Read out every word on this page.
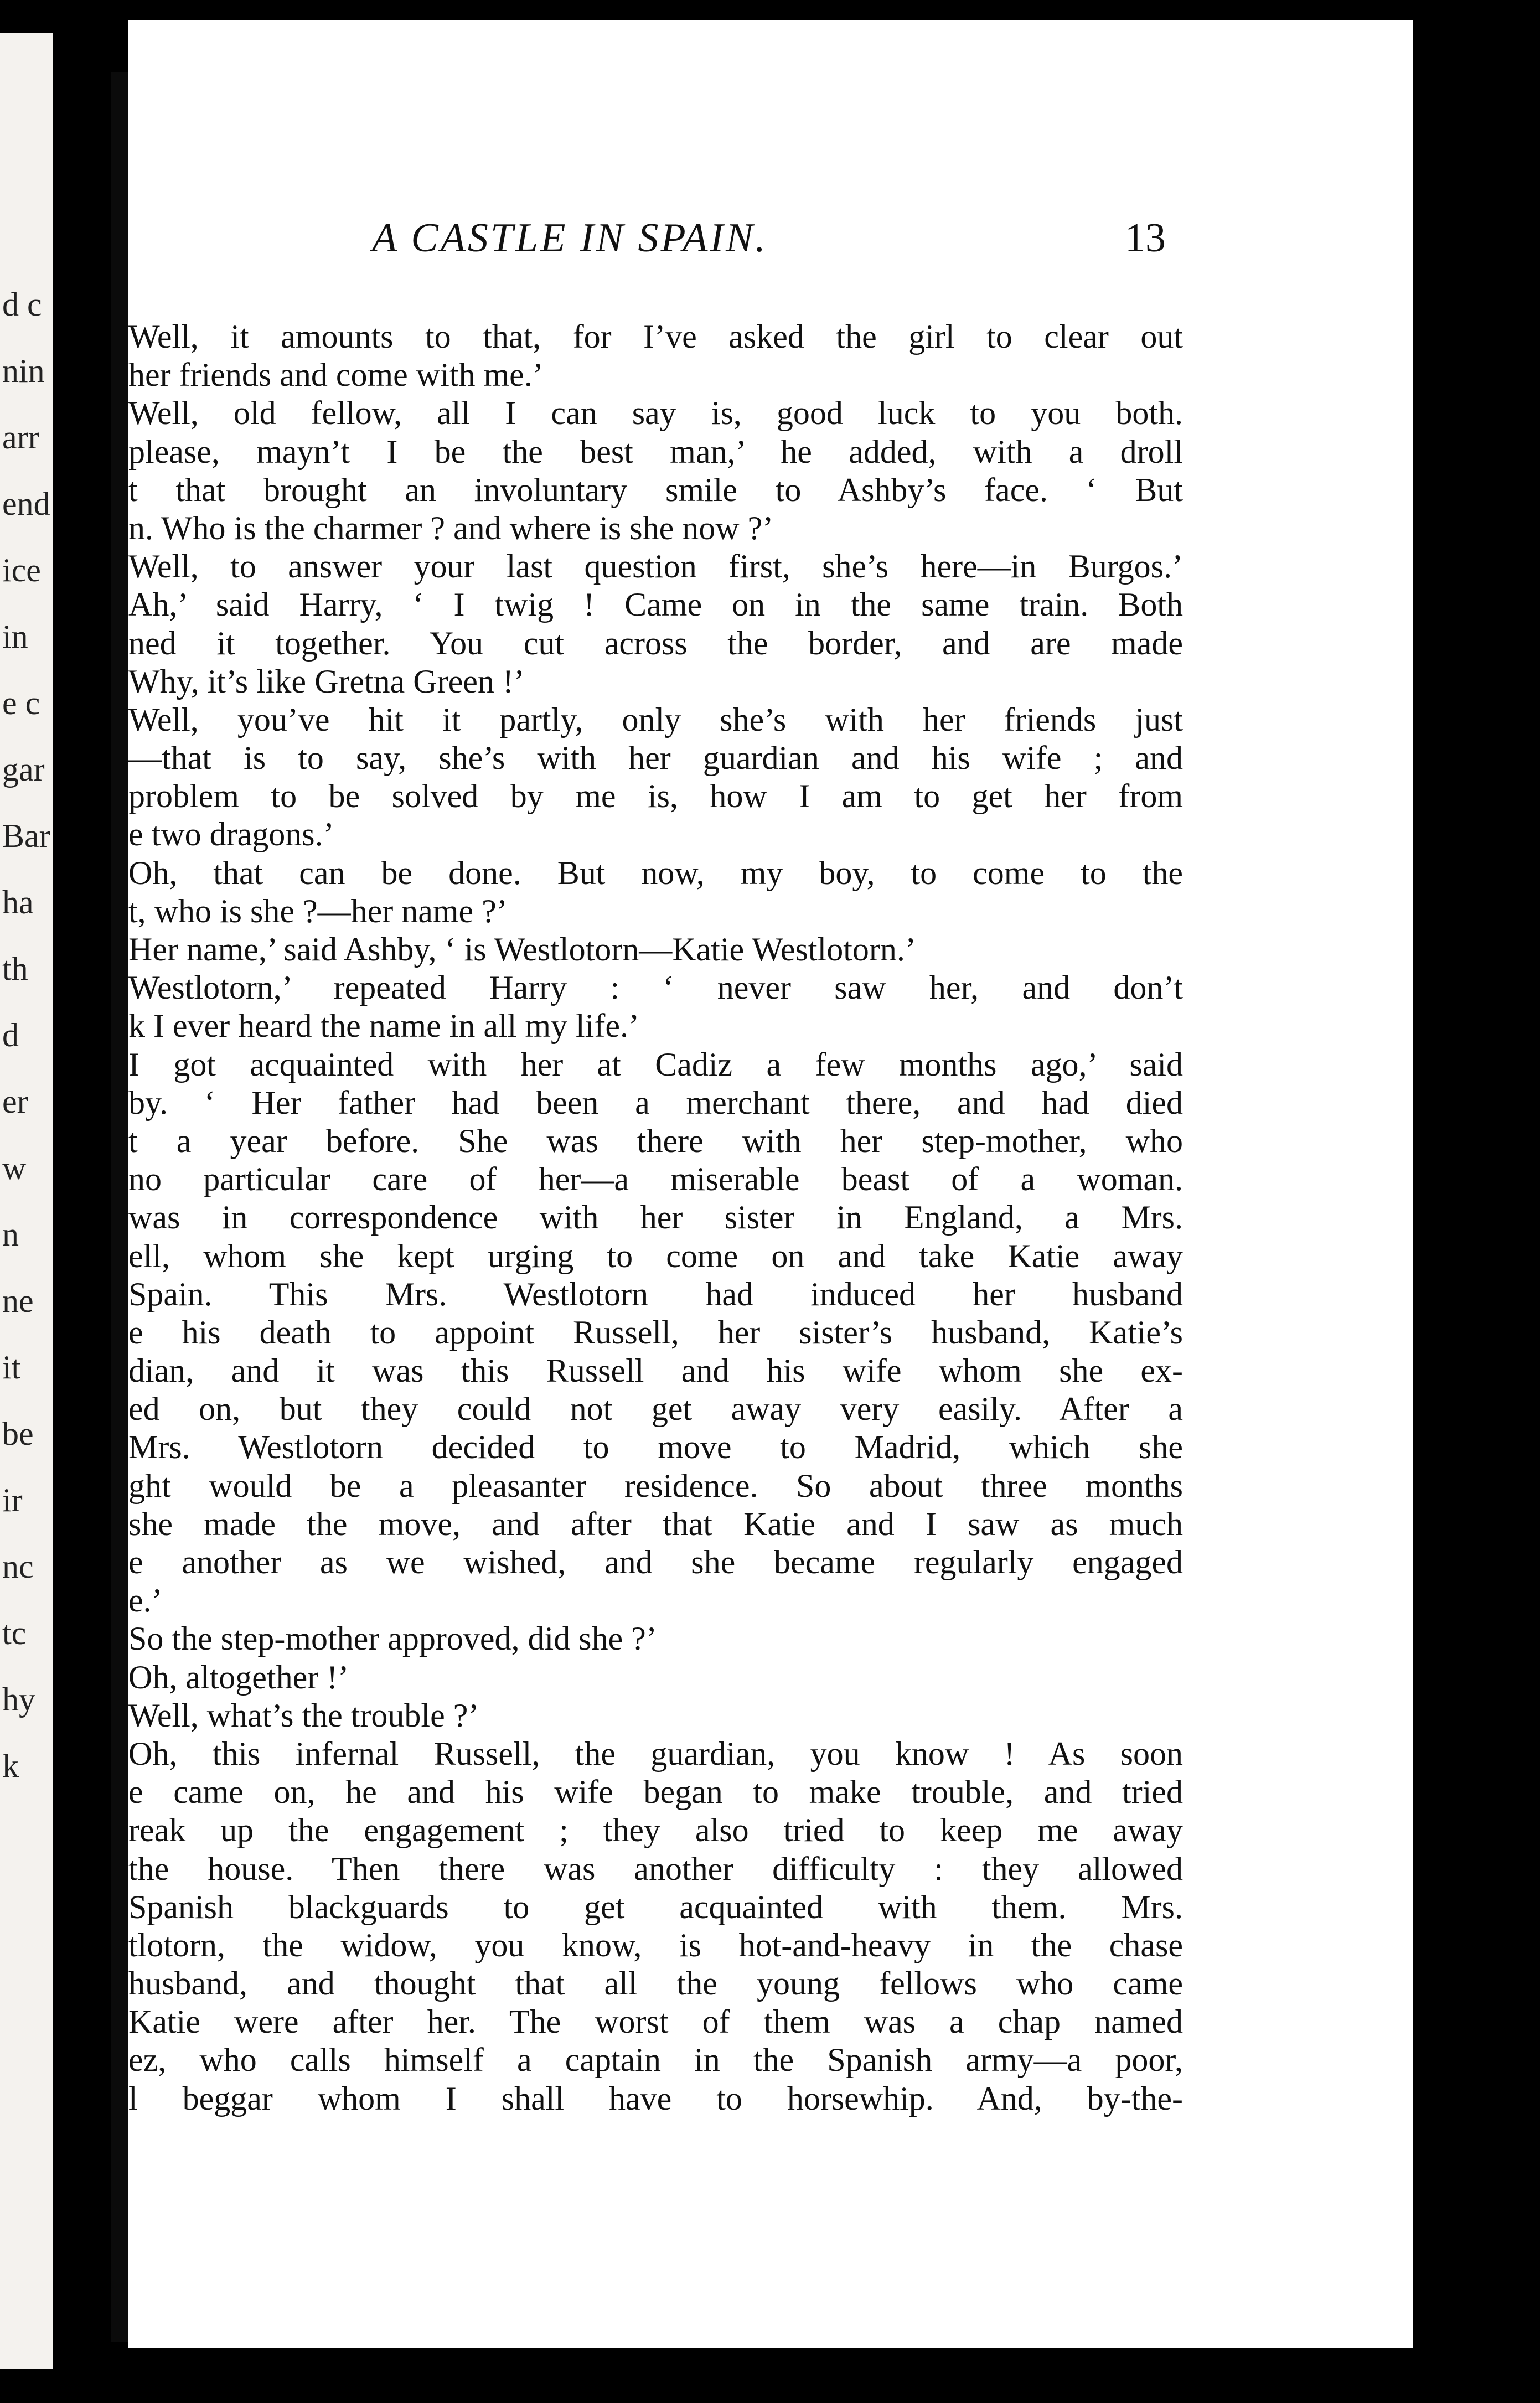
d c
nin
arr
end
ice
in
e c
gar
Bar
ha
th
d
er
w
n
ne
it
be
ir
nc
tc
hy
k
A CASTLE IN SPAIN.	13
Well, it amounts to that, for I’ve asked the girl to clear out
her friends and come with me.’
Well, old fellow, all I can say is, good luck to you both.
please, mayn’t I be the best man,’ he added, with a droll
t that brought an involuntary smile to Ashby’s face. ‘ But
n. Who is the charmer ? and where is she now ?’
Well, to answer your last question first, she’s here—in Burgos.’
Ah,’ said Harry, ‘ I twig ! Came on in the same train. Both
ned it together. You cut across the border, and are made
Why, it’s like Gretna Green !’
Well, you’ve hit it partly, only she’s with her friends just
—that is to say, she’s with her guardian and his wife ; and
problem to be solved by me is, how I am to get her from
e two dragons.’
Oh, that can be done. But now, my boy, to come to the
t, who is she ?—her name ?’
Her name,’ said Ashby, ‘ is Westlotorn—Katie Westlotorn.’
Westlotorn,’ repeated Harry : ‘ never saw her, and don’t
k I ever heard the name in all my life.’
I got acquainted with her at Cadiz a few months ago,’ said
by. ‘ Her father had been a merchant there, and had died
t a year before. She was there with her step-mother, who
no particular care of her—a miserable beast of a woman.
was in correspondence with her sister in England, a Mrs.
ell, whom she kept urging to come on and take Katie away
Spain. This Mrs. Westlotorn had induced her husband
e his death to appoint Russell, her sister’s husband, Katie’s
dian, and it was this Russell and his wife whom she ex-
ed on, but they could not get away very easily. After a
Mrs. Westlotorn decided to move to Madrid, which she
ght would be a pleasanter residence. So about three months
she made the move, and after that Katie and I saw as much
e another as we wished, and she became regularly engaged
e.’
So the step-mother approved, did she ?’
Oh, altogether !’
Well, what’s the trouble ?’
Oh, this infernal Russell, the guardian, you know ! As soon
e came on, he and his wife began to make trouble, and tried
reak up the engagement ; they also tried to keep me away
the house. Then there was another difficulty : they allowed
Spanish blackguards to get acquainted with them. Mrs.
tlotorn, the widow, you know, is hot-and-heavy in the chase
husband, and thought that all the young fellows who came
Katie were after her. The worst of them was a chap named
ez, who calls himself a captain in the Spanish army—a poor,
l beggar whom I shall have to horsewhip. And, by-the-
